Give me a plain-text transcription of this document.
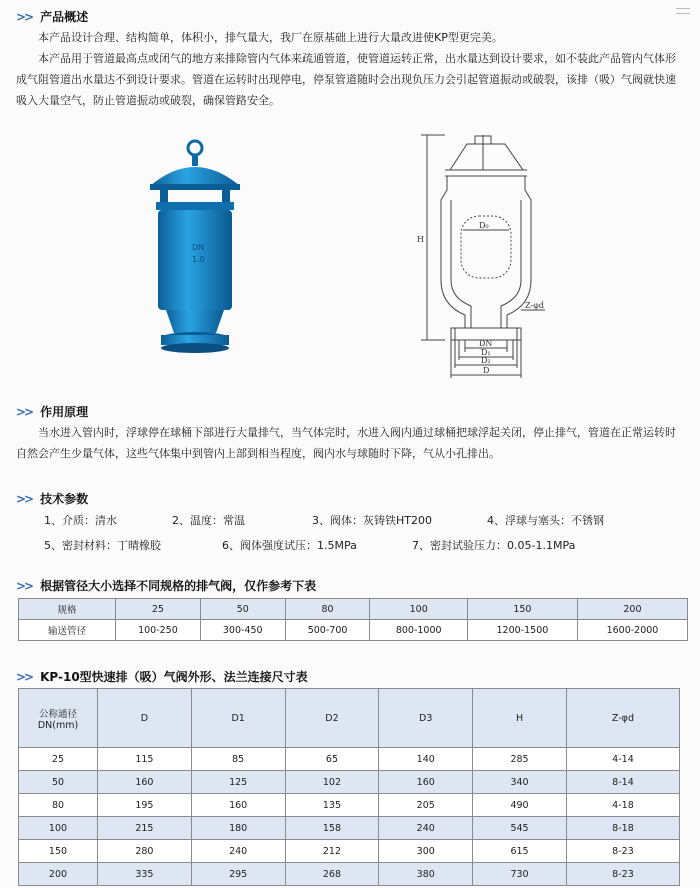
>> 产品概述

本产品设计合理、结构简单，体积小，排气量大，我厂在原基础上进行大量改进使KP型更完美。

本产品用于管道最高点或闭气的地方来排除管内气体来疏通管道，使管道运转正常，出水量达到设计要求，如不装此产品管内气体形成气阻管道出水量达不到设计要求。管道在运转时出现停电，停泵管道随时会出现负压力会引起管道振动或破裂，该排（吸）气阀就快速吸入大量空气，防止管道振动或破裂，确保管路安全。

DN
1.0
H
D₀
Z-φd
DN
D₁
D₂
D
>> 作用原理

当水进入管内时，浮球停在球桶下部进行大量排气，当气体完时，水进入阀内通过球桶把球浮起关闭，停止排气，管道在正常运转时自然会产生少量气体，这些气体集中到管内上部到相当程度，阀内水与球随时下降，气从小孔排出。

>> 技术参数
1、介质：清水	2、温度：常温	3、阀体：灰铸铁HT200	4、浮球与塞头：不锈钢
5、密封材料：丁晴橡胶	6、阀体强度试压：1.5MPa	7、密封试验压力：0.05-1.1MPa
>> 根据管径大小选择不同规格的排气阀，仅作参考下表
规格	25	50	80	100	150	200
输送管径	100-250	300-450	500-700	800-1000	1200-1500	1600-2000
>> KP-10型快速排（吸）气阀外形、法兰连接尺寸表
公称通径
DN(mm)	D	D1	D2	D3	H	Z-φd
25	115	85	65	140	285	4-14
50	160	125	102	160	340	8-14
80	195	160	135	205	490	4-18
100	215	180	158	240	545	8-18
150	280	240	212	300	615	8-23
200	335	295	268	380	730	8-23
